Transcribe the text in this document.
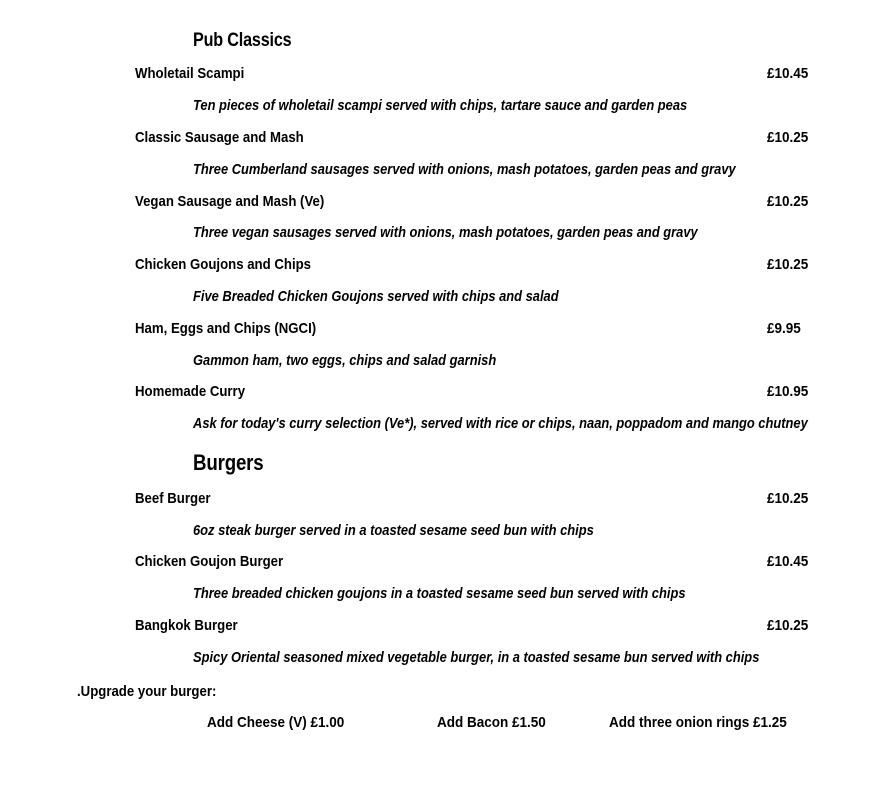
Pub Classics
Wholetail Scampi	£10.45
Ten pieces of wholetail scampi served with chips, tartare sauce and garden peas
Classic Sausage and Mash	£10.25
Three Cumberland sausages served with onions, mash potatoes, garden peas and gravy
Vegan Sausage and Mash (Ve)	£10.25
Three vegan sausages served with onions, mash potatoes, garden peas and gravy
Chicken Goujons and Chips	£10.25
Five Breaded Chicken Goujons served with chips and salad
Ham, Eggs and Chips (NGCI)	£9.95
Gammon ham, two eggs, chips and salad garnish
Homemade Curry	£10.95
Ask for today's curry selection (Ve*), served with rice or chips, naan, poppadom and mango chutney
Burgers
Beef Burger	£10.25
6oz steak burger served in a toasted sesame seed bun with chips
Chicken Goujon Burger	£10.45
Three breaded chicken goujons in a toasted sesame seed bun served with chips
Bangkok Burger	£10.25
Spicy Oriental seasoned mixed vegetable burger, in a toasted sesame bun served with chips
.Upgrade your burger:
Add Cheese (V) £1.00	Add Bacon £1.50	Add three onion rings £1.25
